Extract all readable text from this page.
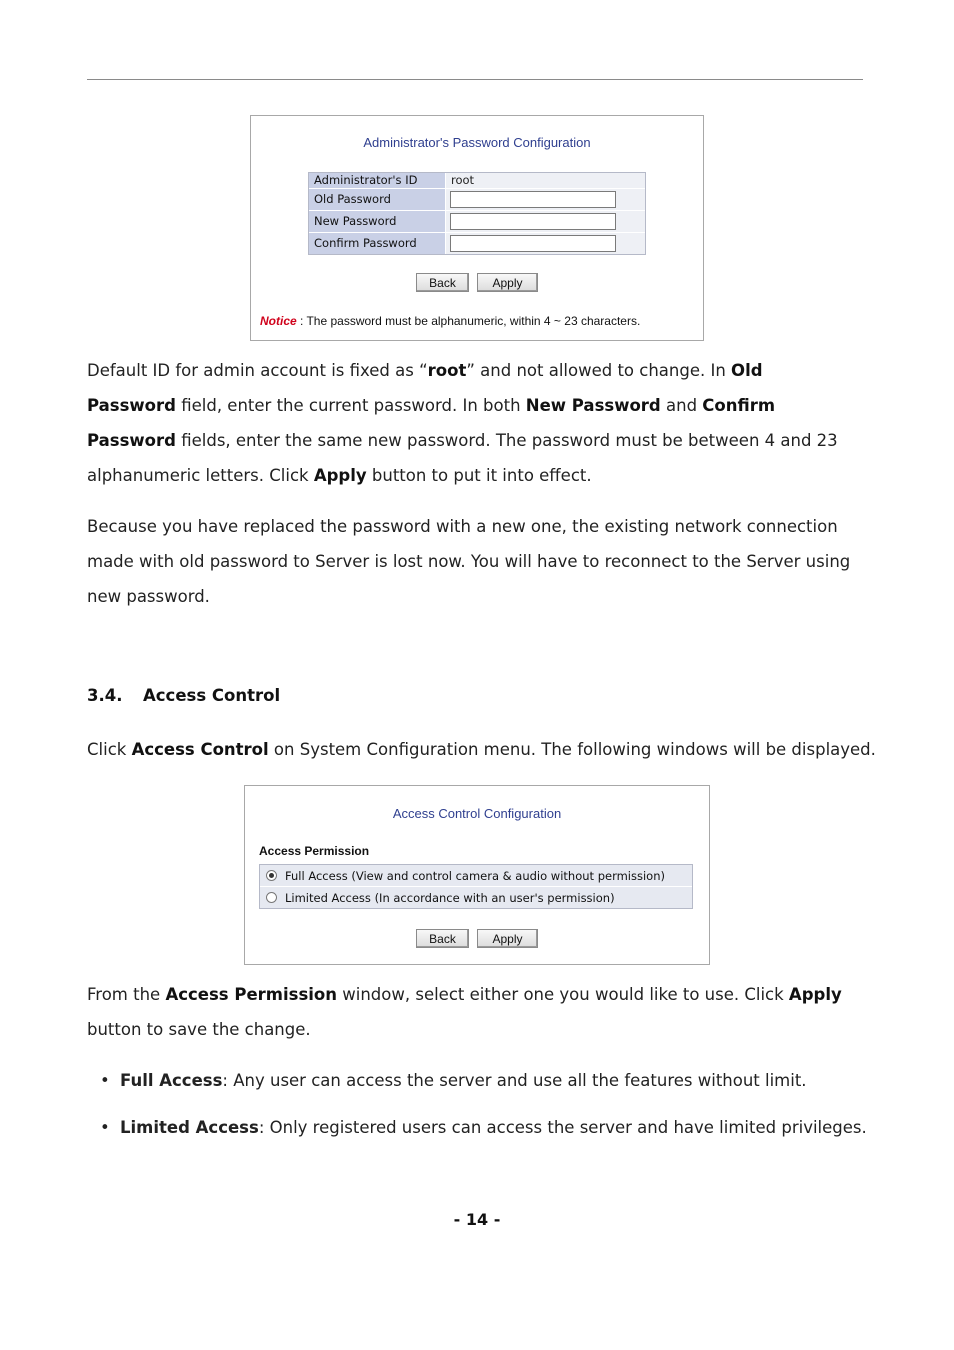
Administrator's Password Configuration
Administrator's ID	root
Old Password
New Password
Confirm Password
Back	Apply
Notice : The password must be alphanumeric, within 4 ~ 23 characters.
Default ID for admin account is fixed as “root” and not allowed to change. In Old Password field, enter the current password. In both New Password and Confirm Password fields, enter the same new password. The password must be between 4 and 23 alphanumeric letters. Click Apply button to put it into effect.
Because you have replaced the password with a new one, the existing network connection made with old password to Server is lost now. You will have to reconnect to the Server using new password.
3.4. Access Control
Click Access Control on System Configuration menu. The following windows will be displayed.
Access Control Configuration
Access Permission
Full Access (View and control camera & audio without permission)
Limited Access (In accordance with an user's permission)
Back	Apply
From the Access Permission window, select either one you would like to use. Click Apply button to save the change.
• Full Access: Any user can access the server and use all the features without limit.
• Limited Access: Only registered users can access the server and have limited privileges.
- 14 -
